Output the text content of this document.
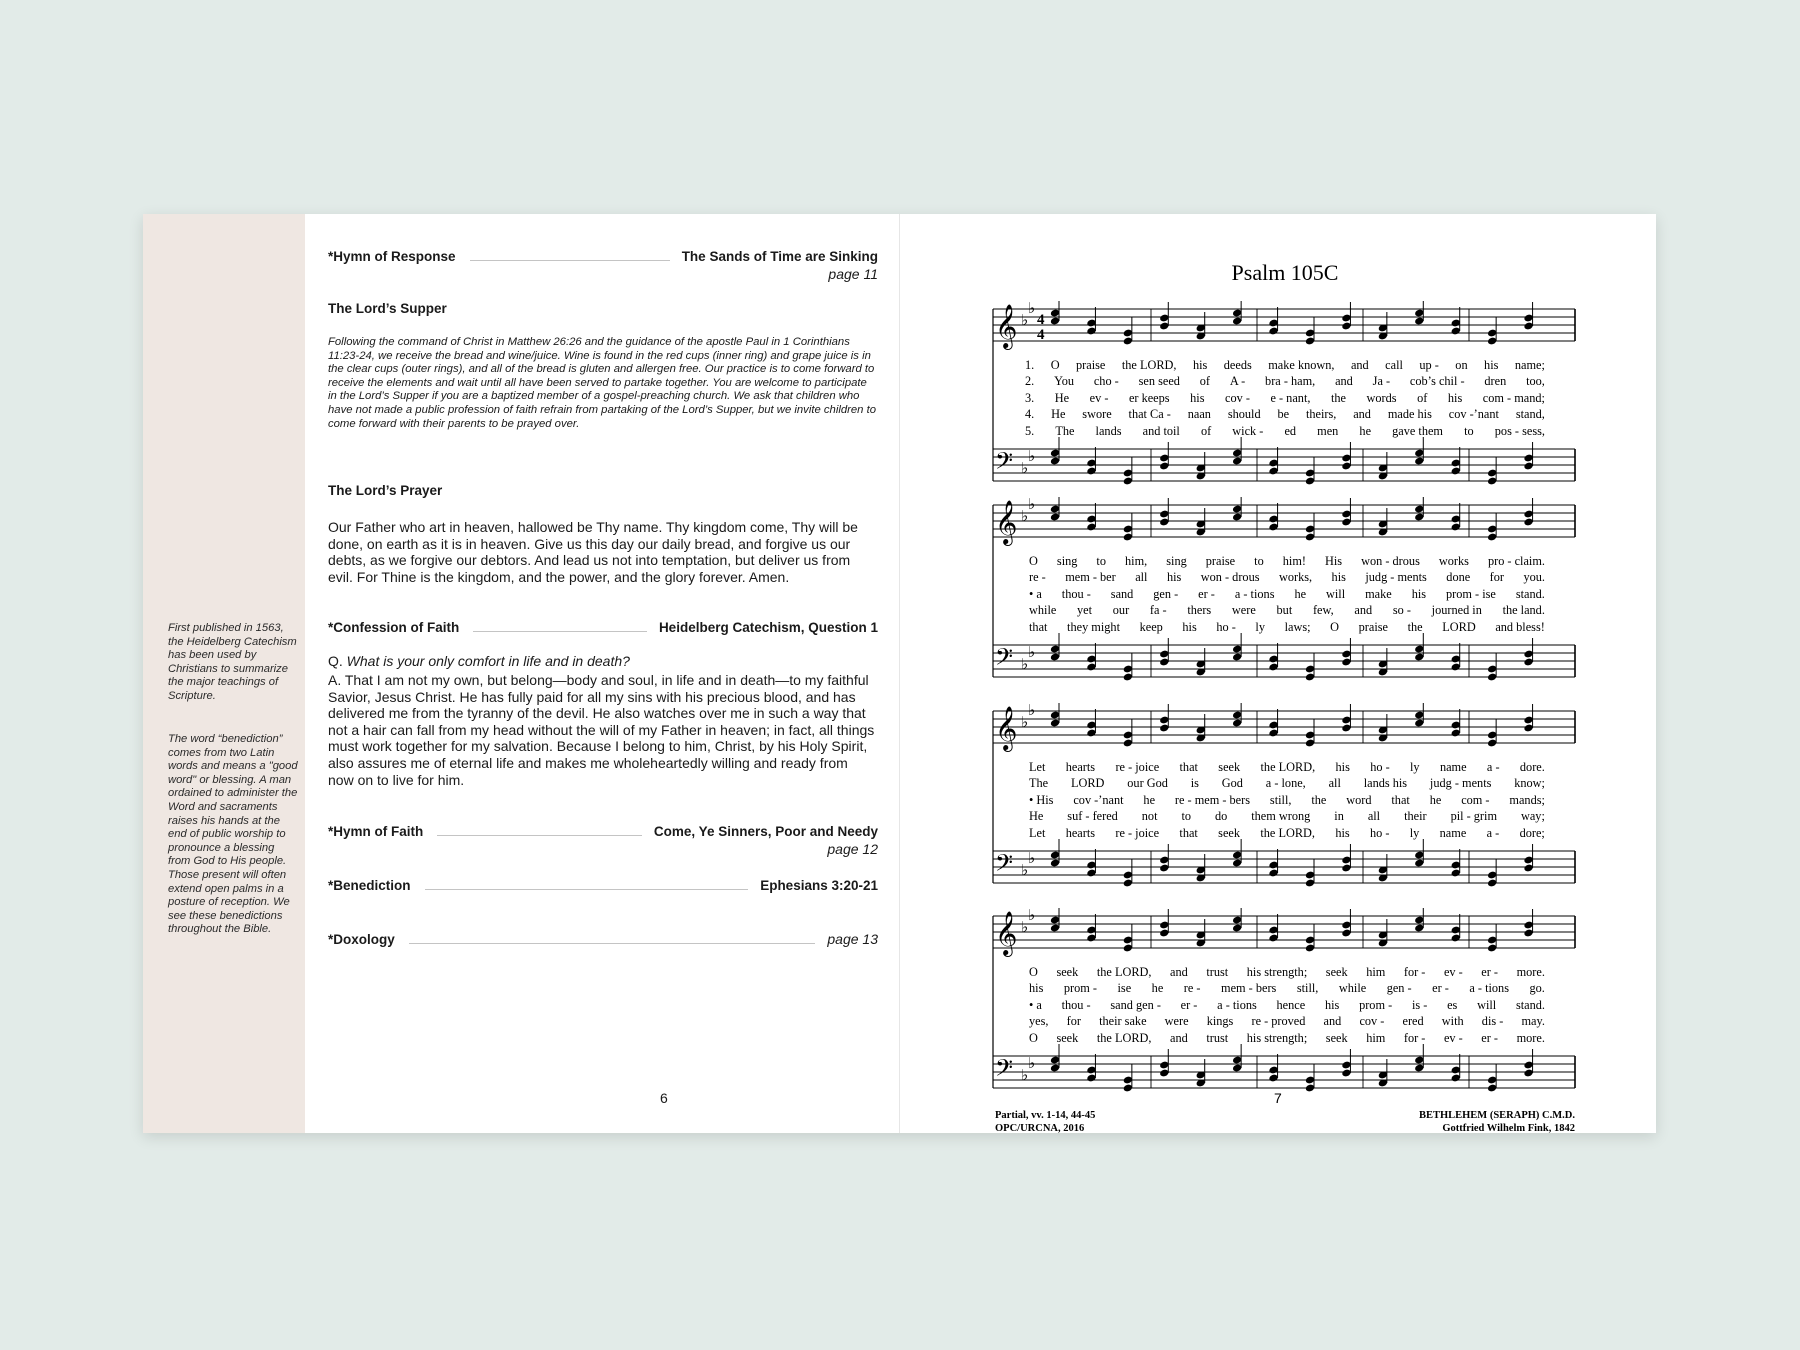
First published in 1563, the Heidelberg Catechism has been used by Christians to summarize the major teachings of Scripture.
The word “benediction” comes from two Latin words and means a "good word" or blessing. A man ordained to administer the Word and sacraments raises his hands at the end of public worship to pronounce a blessing from God to His people. Those present will often extend open palms in a posture of reception. We see these benedictions throughout the Bible.
*Hymn of Response	The Sands of Time are Sinking
page 11
The Lord’s Supper
Following the command of Christ in Matthew 26:26 and the guidance of the apostle Paul in 1 Corinthians 11:23-24, we receive the bread and wine/juice. Wine is found in the red cups (inner ring) and grape juice is in the clear cups (outer rings), and all of the bread is gluten and allergen free. Our practice is to come forward to receive the elements and wait until all have been served to partake together. You are welcome to participate in the Lord’s Supper if you are a baptized member of a gospel-preaching church. We ask that children who have not made a public profession of faith refrain from partaking of the Lord’s Supper, but we invite children to come forward with their parents to be prayed over.
The Lord’s Prayer
Our Father who art in heaven, hallowed be Thy name. Thy kingdom come, Thy will be done, on earth as it is in heaven. Give us this day our daily bread, and forgive us our debts, as we forgive our debtors. And lead us not into temptation, but deliver us from evil. For Thine is the kingdom, and the power, and the glory forever. Amen.
*Confession of Faith	Heidelberg Catechism, Question 1
Q. What is your only comfort in life and in death?
A. That I am not my own, but belong—body and soul, in life and in death—to my faithful Savior, Jesus Christ. He has fully paid for all my sins with his precious blood, and has delivered me from the tyranny of the devil. He also watches over me in such a way that not a hair can fall from my head without the will of my Father in heaven; in fact, all things must work together for my salvation. Because I belong to him, Christ, by his Holy Spirit, also assures me of eternal life and makes me wholeheartedly willing and ready from now on to live for him.
*Hymn of Faith	Come, Ye Sinners, Poor and Needy
page 12
*Benediction	Ephesians 3:20-21
*Doxology	page 13
6
Psalm 105C
𝄞 ♭
♭
𝄢 ♭
♭
4
4
1. O praise the LORD, his deeds make known, and call up - on his name;
2. You cho - sen seed of A - bra - ham, and Ja - cob’s chil - dren too,
3. He ev - er keeps his cov - e - nant, the words of his com - mand;
4. He swore that Ca - naan should be theirs, and made his cov -’nant stand,
5. The lands and toil of wick - ed men he gave them to pos - sess,
𝄞 ♭
♭
𝄢 ♭
♭
O sing to him, sing praise to him! His won - drous works pro - claim.
re - mem - ber all his won - drous works, his judg - ments done for you.
• a thou - sand gen - er - a - tions he will make his prom - ise stand.
while yet our fa - thers were but few, and so - journed in the land.
that they might keep his ho - ly laws; O praise the LORD and bless!
𝄞 ♭
♭
𝄢 ♭
♭
Let hearts re - joice that seek the LORD, his ho - ly name a - dore.
The LORD our God is God a - lone, all lands his judg - ments know;
• His cov -’nant he re - mem - bers still, the word that he com - mands;
He suf - fered not to do them wrong in all their pil - grim way;
Let hearts re - joice that seek the LORD, his ho - ly name a - dore;
𝄞 ♭
♭
𝄢 ♭
♭
O seek the LORD, and trust his strength; seek him for - ev - er - more.
his prom - ise he re - mem - bers still, while gen - er - a - tions go.
• a thou - sand gen - er - a - tions hence his prom - is - es will stand.
yes, for their sake were kings re - proved and cov - ered with dis - may.
O seek the LORD, and trust his strength; seek him for - ev - er - more.
Partial, vv. 1-14, 44-45
OPC/URCNA, 2016
BETHLEHEM (SERAPH) C.M.D.
Gottfried Wilhelm Fink, 1842
7
